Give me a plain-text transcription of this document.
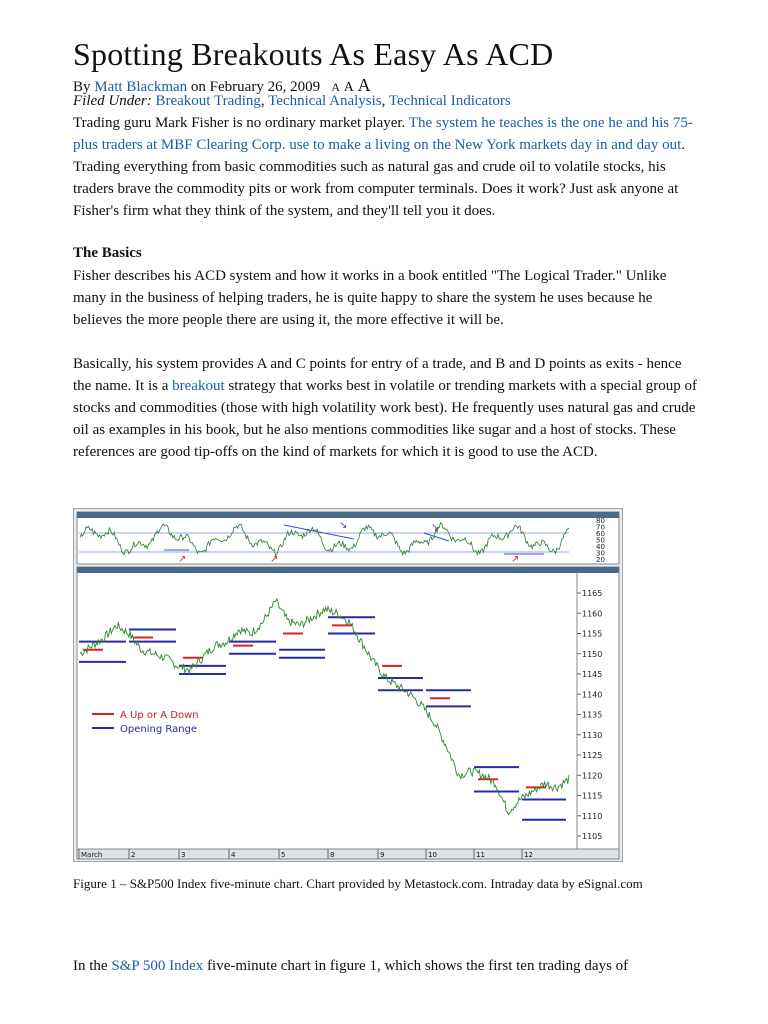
Spotting Breakouts As Easy As ACD
By Matt Blackman on February 26, 2009 A A A
Filed Under: Breakout Trading, Technical Analysis, Technical Indicators
Trading guru Mark Fisher is no ordinary market player. The system he teaches is the one he and his 75-plus traders at MBF Clearing Corp. use to make a living on the New York markets day in and day out. Trading everything from basic commodities such as natural gas and crude oil to volatile stocks, his traders brave the commodity pits or work from computer terminals. Does it work? Just ask anyone at Fisher's firm what they think of the system, and they'll tell you it does.
The Basics
Fisher describes his ACD system and how it works in a book entitled "The Logical Trader." Unlike many in the business of helping traders, he is quite happy to share the system he uses because he believes the more people there are using it, the more effective it will be.
Basically, his system provides A and C points for entry of a trade, and B and D points as exits - hence the name. It is a breakout strategy that works best in volatile or trending markets with a special group of stocks and commodities (those with high volatility work best). He frequently uses natural gas and crude oil as examples in his book, but he also mentions commodities like sugar and a host of stocks. These references are good tip-offs on the kind of markets for which it is good to use the ACD.
80
70
60
50
40
30
20
↘	↘
↗	↗	↗
1165
1160
1155
1150
1145
1140
1135
1130
1125
1120
1115
1110
1105
A Up or A Down
Opening Range
March	2	3	4	5	8	9	10	11	12
Figure 1 – S&P500 Index five-minute chart. Chart provided by Metastock.com. Intraday data by eSignal.com
In the S&P 500 Index five-minute chart in figure 1, which shows the first ten trading days of
